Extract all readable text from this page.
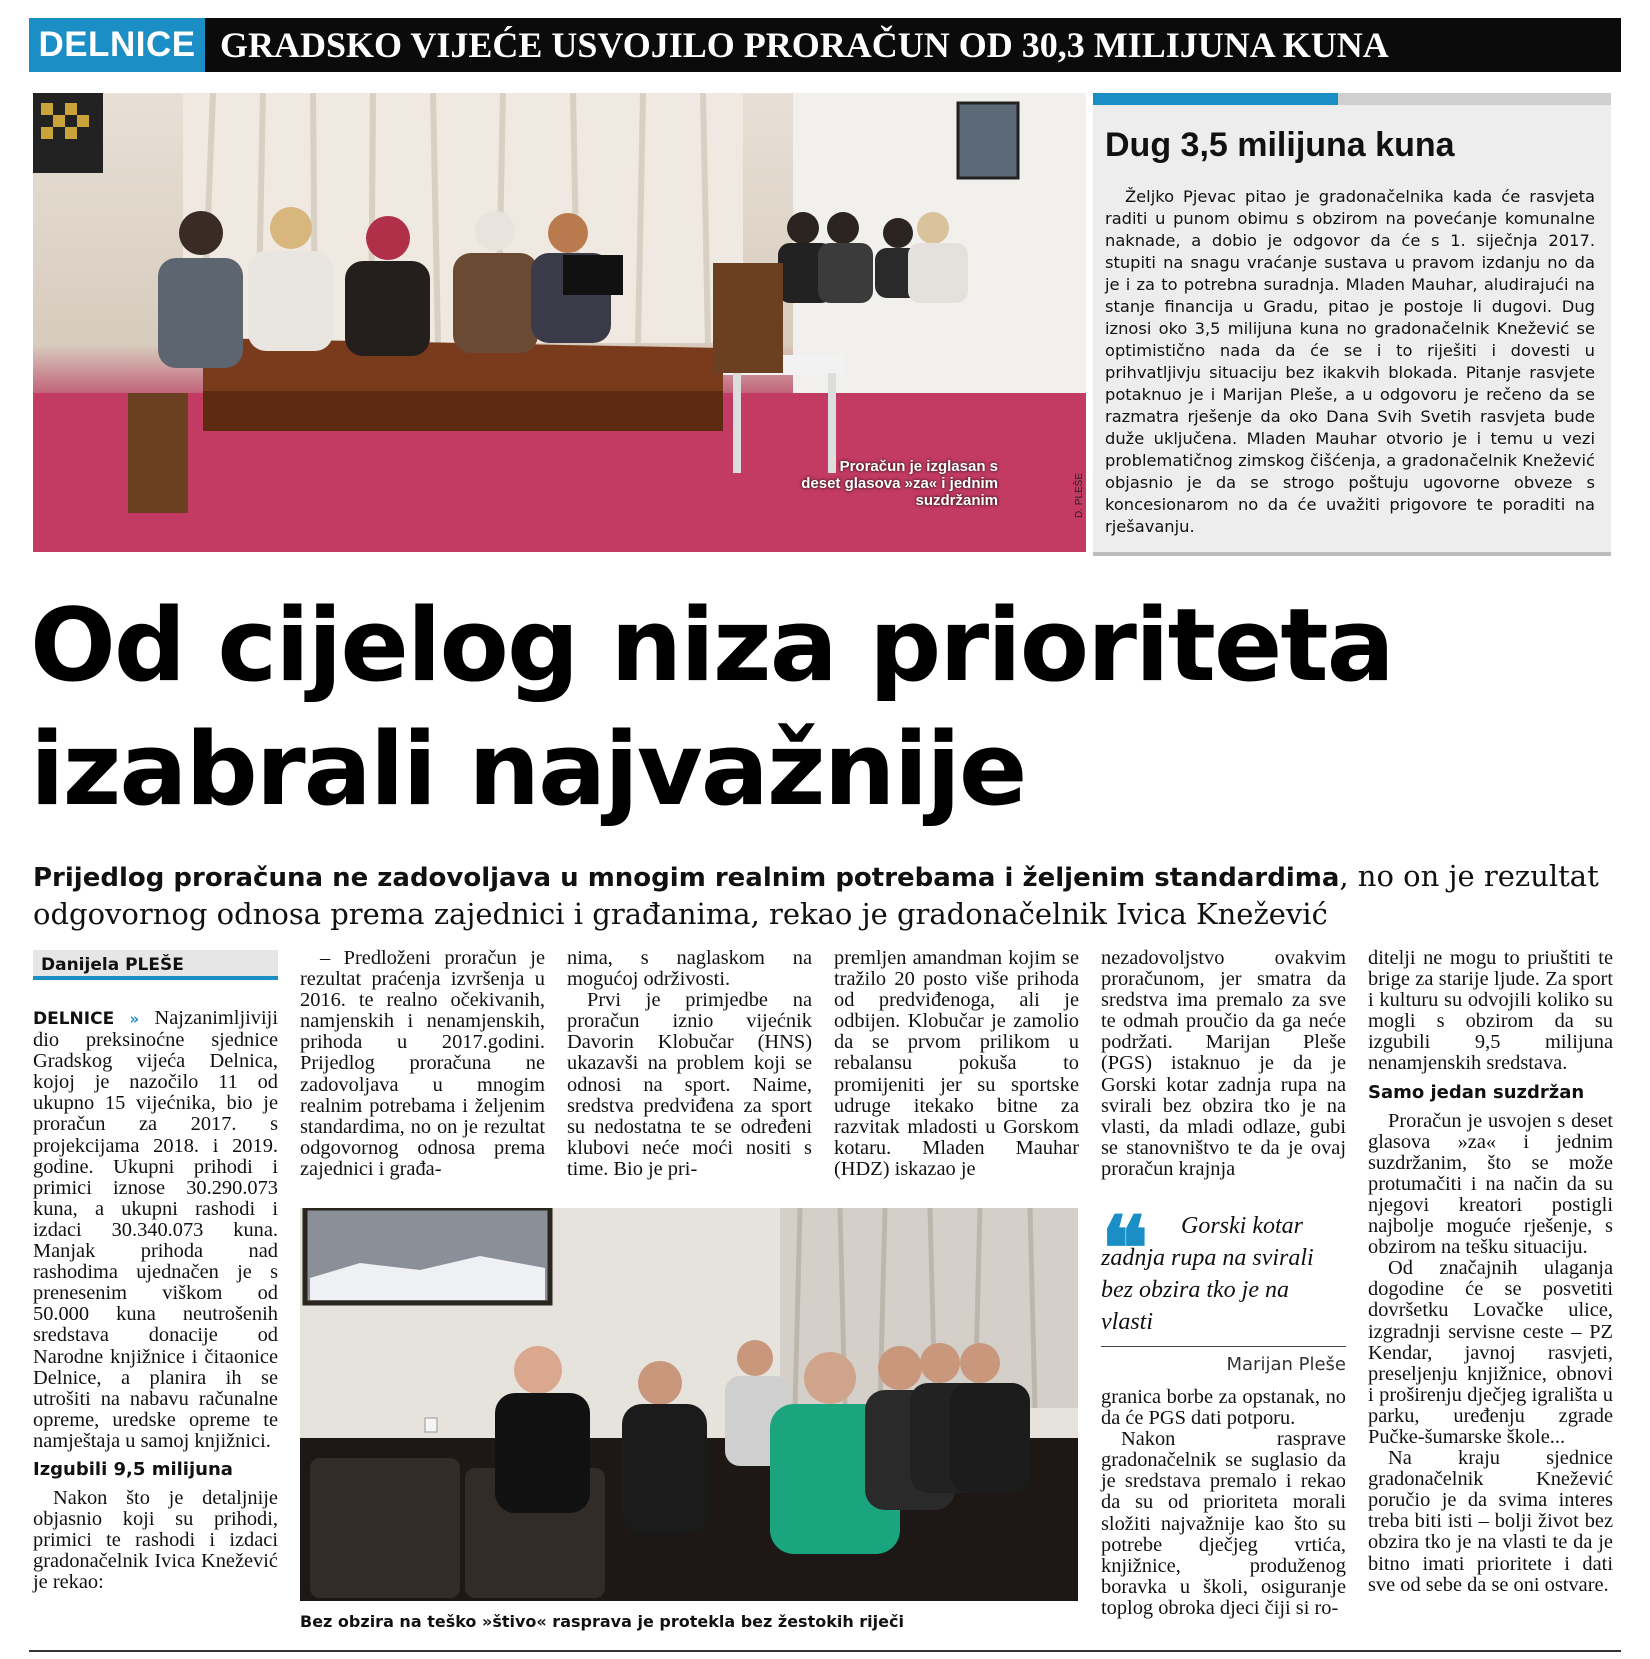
DELNICE GRADSKO VIJEĆE USVOJILO PRORAČUN OD 30,3 MILIJUNA KUNA
Proračun je izglasan s deset glasova »za« i jednim suzdržanim	D. PLEŠE
Dug 3,5 milijuna kuna
Željko Pjevac pitao je gradonačelnika kada će rasvjeta raditi u punom obimu s obzirom na povećanje komunalne naknade, a dobio je odgovor da će s 1. siječnja 2017. stupiti na snagu vraćanje sustava u pravom izdanju no da je i za to potrebna suradnja. Mladen Mauhar, aludirajući na stanje financija u Gradu, pitao je postoje li dugovi. Dug iznosi oko 3,5 milijuna kuna no gradonačelnik Knežević se optimistično nada da će se i to riješiti i dovesti u prihvatljivju situaciju bez ikakvih blokada. Pitanje rasvjete potaknuo je i Marijan Pleše, a u odgovoru je rečeno da se razmatra rješenje da oko Dana Svih Svetih rasvjeta bude duže uključena. Mladen Mauhar otvorio je i temu u vezi problematičnog zimskog čišćenja, a gradonačelnik Knežević objasnio je da se strogo poštuju ugovorne obveze s koncesionarom no da će uvažiti prigovore te poraditi na rješavanju.
Od cijelog niza prioriteta izabrali najvažnije
Prijedlog proračuna ne zadovoljava u mnogim realnim potrebama i željenim standardima, no on je rezultat odgovornog odnosa prema zajednici i građanima, rekao je gradonačelnik Ivica Knežević
Danijela PLEŠE

DELNICE » Najzanimljiviji dio preksinoćne sjednice Gradskog vijeća Delnica, kojoj je nazočilo 11 od ukupno 15 vijećnika, bio je proračun za 2017. s projekcijama 2018. i 2019. godine. Ukupni prihodi i primici iznose 30.290.073 kuna, a ukupni rashodi i izdaci 30.340.073 kuna. Manjak prihoda nad rashodima ujednačen je s prenesenim viškom od 50.000 kuna neutrošenih sredstava donacije od Narodne knjižnice i čitaonice Delnice, a planira ih se utrošiti na nabavu računalne opreme, uredske opreme te namještaja u samoj knjižnici.

Izgubili 9,5 milijuna

Nakon što je detaljnije objasnio koji su prihodi, primici te rashodi i izdaci gradonačelnik Ivica Knežević je rekao:

– Predloženi proračun je rezultat praćenja izvršenja u 2016. te realno očekivanih, namjenskih i nenamjenskih, prihoda u 2017.godini. Prijedlog proračuna ne zadovoljava u mnogim realnim potrebama i željenim standardima, no on je rezultat odgovornog odnosa prema zajednici i građa-

nima, s naglaskom na mogućoj održivosti.

Prvi je primjedbe na proračun iznio vijećnik Davorin Klobučar (HNS) ukazavši na problem koji se odnosi na sport. Naime, sredstva predviđena za sport su nedostatna te se određeni klubovi neće moći nositi s time. Bio je pri-

premljen amandman kojim se tražilo 20 posto više prihoda od predviđenoga, ali je odbijen. Klobučar je zamolio da se prvom prilikom u rebalansu pokuša to promijeniti jer su sportske udruge itekako bitne za razvitak mladosti u Gorskom kotaru. Mladen Mauhar (HDZ) iskazao je

nezadovoljstvo ovakvim proračunom, jer smatra da sredstva ima premalo za sve te odmah proučio da ga neće podržati. Marijan Pleše (PGS) istaknuo je da je Gorski kotar zadnja rupa na svirali bez obzira tko je na vlasti, da mladi odlaze, gubi se stanovništvo te da je ovaj proračun krajnja

❝	Gorski kotar zadnja rupa na svirali bez obzira tko je na vlasti
Marijan Pleše

granica borbe za opstanak, no da će PGS dati potporu.

Nakon rasprave gradonačelnik se suglasio da je sredstava premalo i rekao da su od prioriteta morali složiti najvažnije kao što su potrebe dječjeg vrtića, knjižnice, produženog boravka u školi, osiguranje toplog obroka djeci čiji si ro-

ditelji ne mogu to priuštiti te brige za starije ljude. Za sport i kulturu su odvojili koliko su mogli s obzirom da su izgubili 9,5 milijuna nenamjenskih sredstava.

Samo jedan suzdržan

Proračun je usvojen s deset glasova »za« i jednim suzdržanim, što se može protumačiti i na način da su njegovi kreatori postigli najbolje moguće rješenje, s obzirom na tešku situaciju.

Od značajnih ulaganja dogodine će se posvetiti dovršetku Lovačke ulice, izgradnji servisne ceste – PZ Kendar, javnoj rasvjeti, preseljenju knjižnice, obnovi i proširenju dječjeg igrališta u parku, uređenju zgrade Pučke-šumarske škole...

Na kraju sjednice gradonačelnik Knežević poručio je da svima interes treba biti isti – bolji život bez obzira tko je na vlasti te da je bitno imati prioritete i dati sve od sebe da se oni ostvare.

Bez obzira na teško »štivo« rasprava je protekla bez žestokih riječi
